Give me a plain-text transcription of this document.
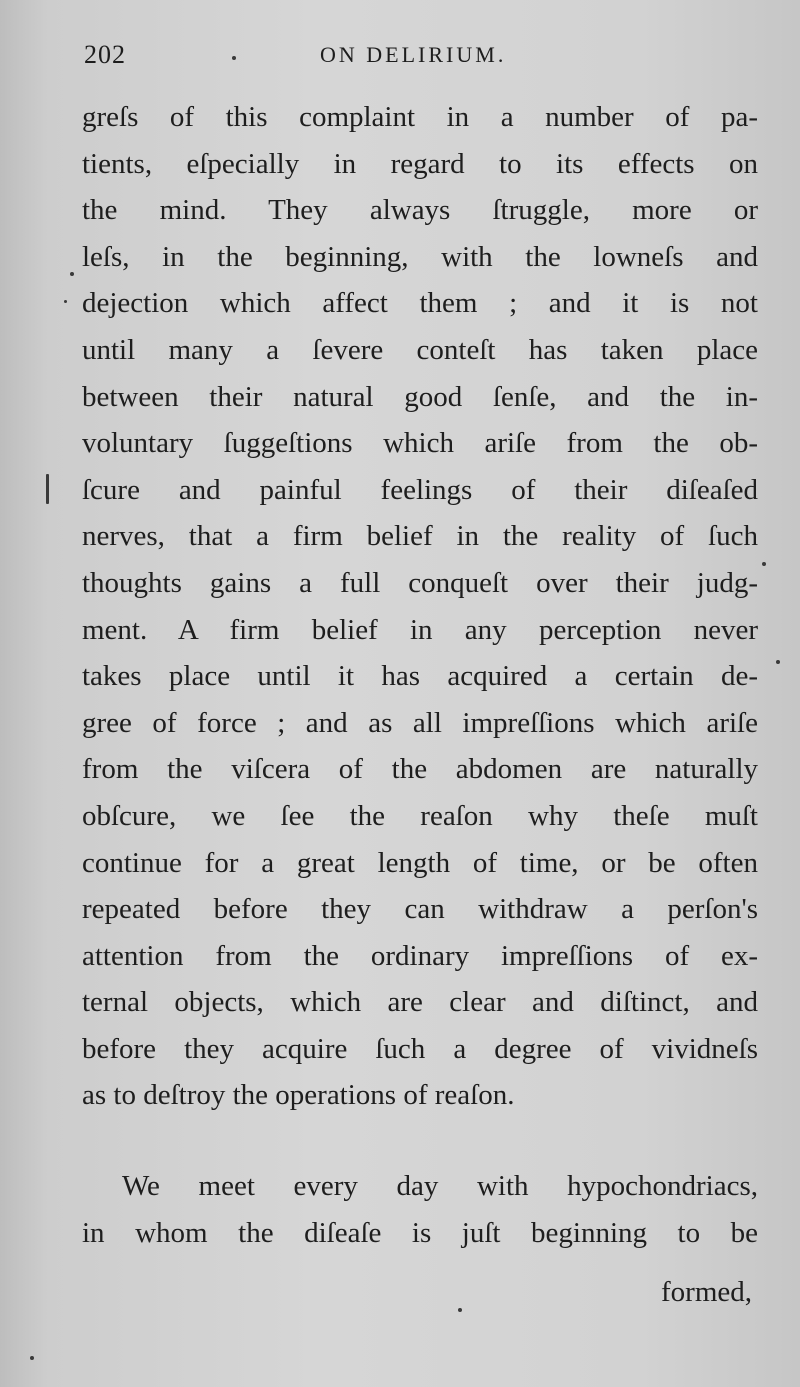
202	ON DELIRIUM.
greſs of this complaint in a number of pa-
tients, eſpecially in regard to its effects on
the mind. They always ſtruggle, more or
leſs, in the beginning, with the lowneſs and
dejection which affect them ; and it is not
until many a ſevere conteſt has taken place
between their natural good ſenſe, and the in-
voluntary ſuggeſtions which ariſe from the ob-
ſcure and painful feelings of their diſeaſed
nerves, that a firm belief in the reality of ſuch
thoughts gains a full conqueſt over their judg-
ment. A firm belief in any perception never
takes place until it has acquired a certain de-
gree of force ; and as all impreſſions which ariſe
from the viſcera of the abdomen are naturally
obſcure, we ſee the reaſon why theſe muſt
continue for a great length of time, or be often
repeated before they can withdraw a perſon's
attention from the ordinary impreſſions of ex-
ternal objects, which are clear and diſtinct, and
before they acquire ſuch a degree of vividneſs
as to deſtroy the operations of reaſon.
We meet every day with hypochondriacs,
in whom the diſeaſe is juſt beginning to be
formed,
